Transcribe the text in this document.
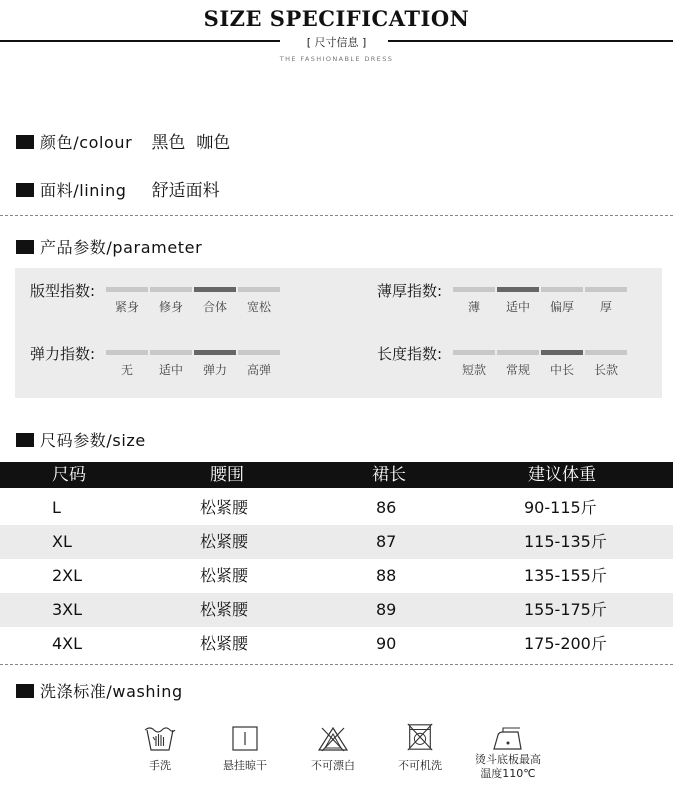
SIZE SPECIFICATION
[ 尺寸信息 ]
THE FASHIONABLE DRESS
颜色/colour 黑色  咖色
面料/lining 舒适面料
产品参数/parameter
版型指数:
紧身	修身	合体	宽松
薄厚指数:
薄	适中	偏厚	厚
弹力指数:
无	适中	弹力	高弹
长度指数:
短款	常规	中长	长款
尺码参数/size
尺码	腰围	裙长	建议体重
L	松紧腰	86	90-115斤
XL	松紧腰	87	115-135斤
2XL	松紧腰	88	135-155斤
3XL	松紧腰	89	155-175斤
4XL	松紧腰	90	175-200斤
洗涤标准/washing
手洗	悬挂晾干	不可漂白	不可机洗	烫斗底板最高
温度110℃
